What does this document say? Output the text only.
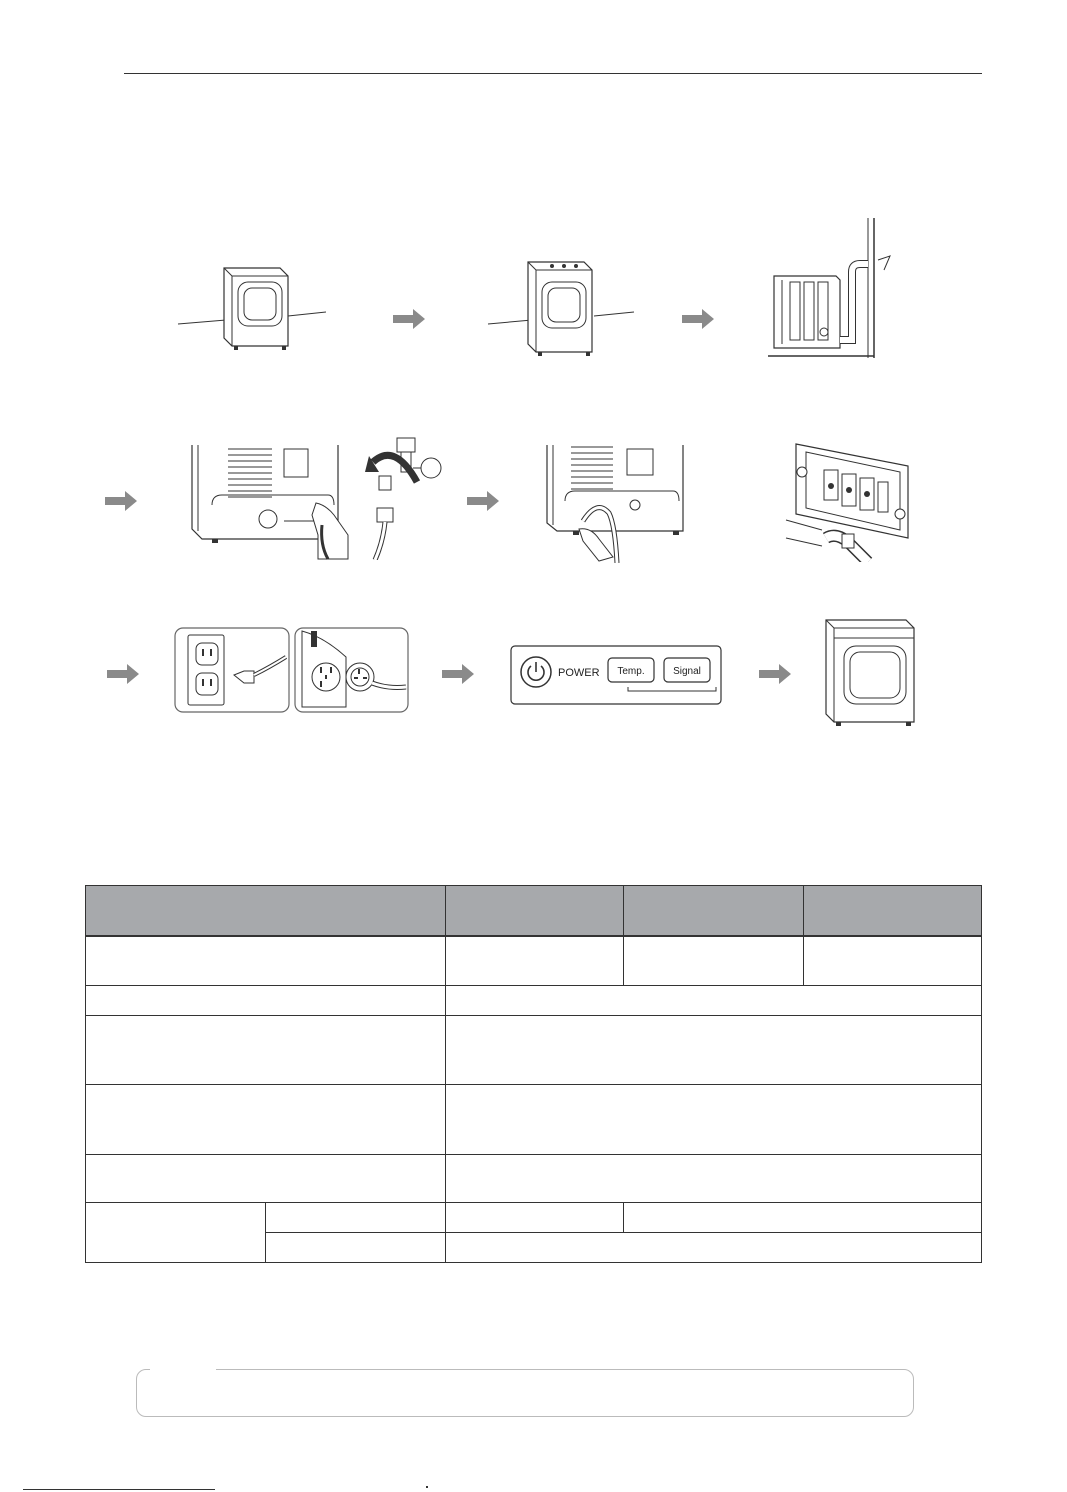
POWER Temp.	Signal
